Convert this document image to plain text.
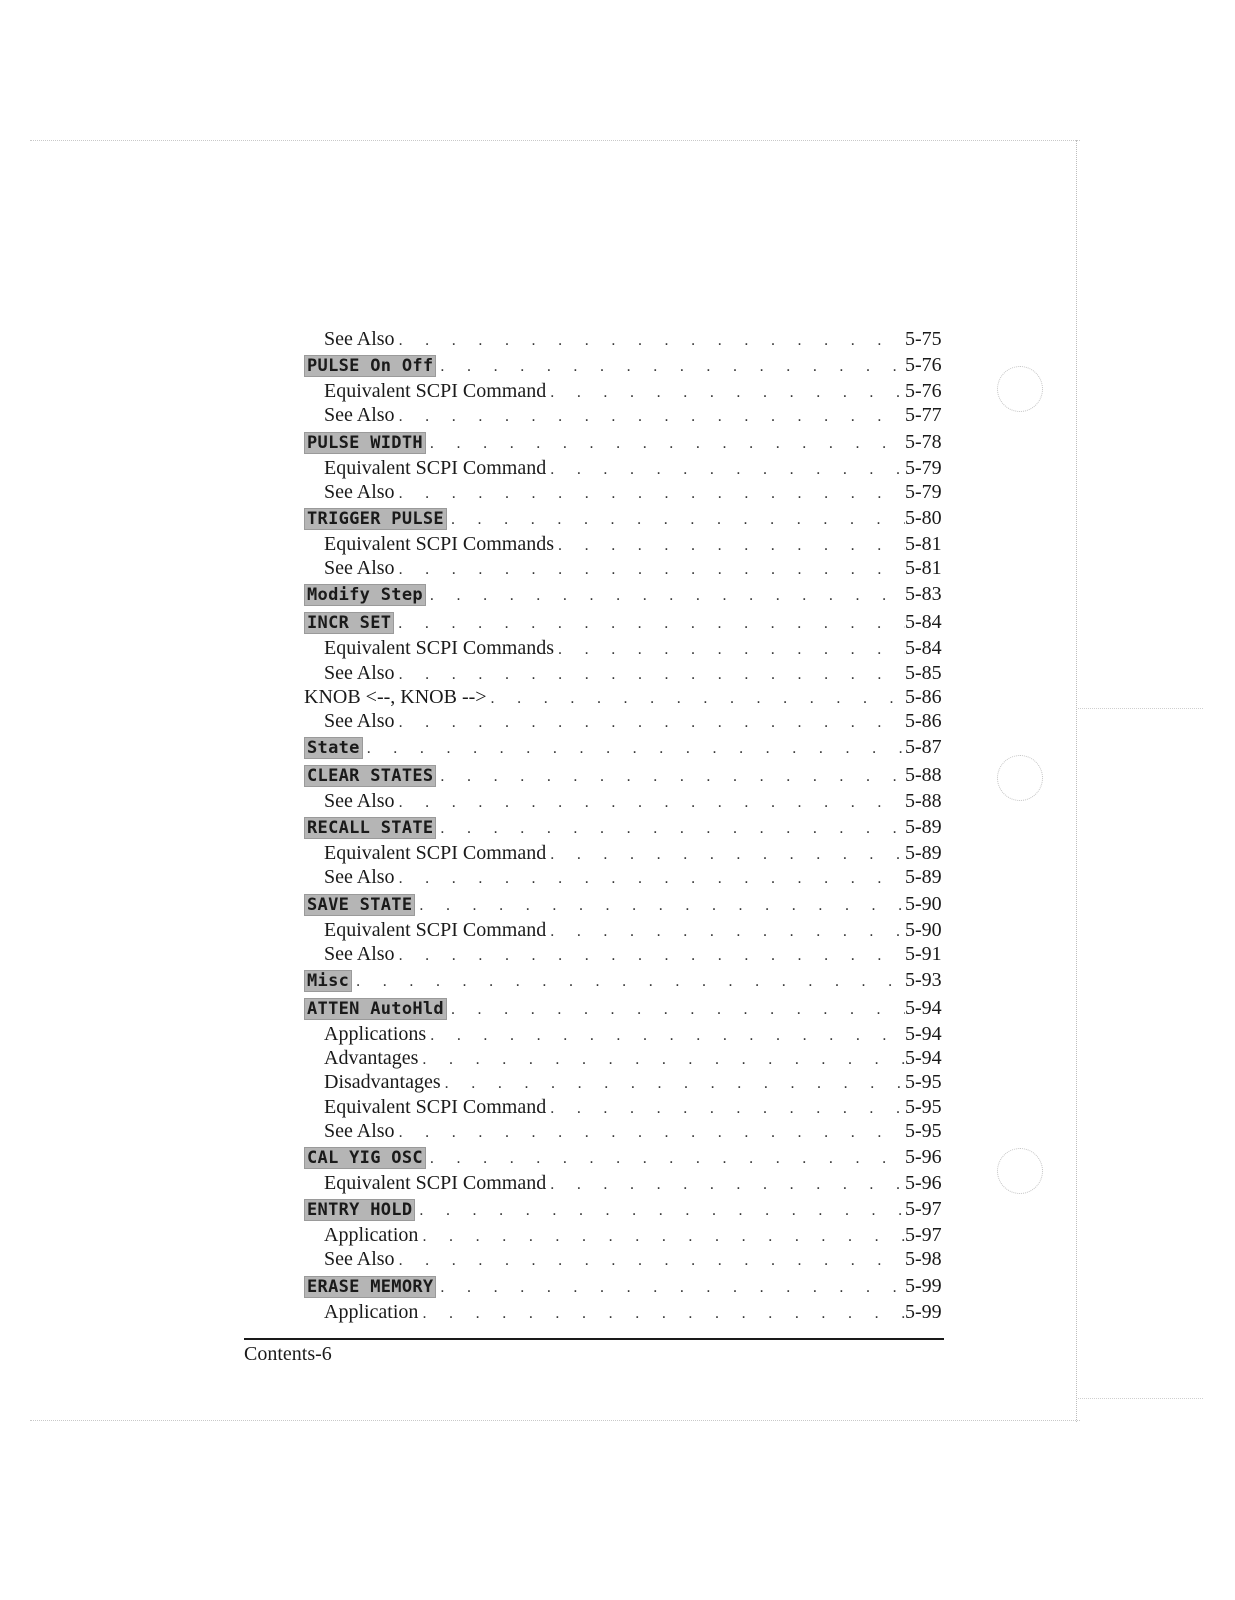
See Also . . .	5-75
PULSE On Off . . .	5-76
Equivalent SCPI Command . . .	5-76
See Also . . .	5-77
PULSE WIDTH . . .	5-78
Equivalent SCPI Command . . .	5-79
See Also . . .	5-79
TRIGGER PULSE . . .	5-80
Equivalent SCPI Commands . . .	5-81
See Also . . .	5-81
Modify Step . . .	5-83
INCR SET . . .	5-84
Equivalent SCPI Commands . . .	5-84
See Also . . .	5-85
KNOB <--, KNOB --> . . .	5-86
See Also . . .	5-86
State . . .	5-87
CLEAR STATES . . .	5-88
See Also . . .	5-88
RECALL STATE . . .	5-89
Equivalent SCPI Command . . .	5-89
See Also . . .	5-89
SAVE STATE . . .	5-90
Equivalent SCPI Command . . .	5-90
See Also . . .	5-91
Misc . . .	5-93
ATTEN AutoHld . . .	5-94
Applications . . .	5-94
Advantages . . .	5-94
Disadvantages . . .	5-95
Equivalent SCPI Command . . .	5-95
See Also . . .	5-95
CAL YIG OSC . . .	5-96
Equivalent SCPI Command . . .	5-96
ENTRY HOLD . . .	5-97
Application . . .	5-97
See Also . . .	5-98
ERASE MEMORY . . .	5-99
Application . . .	5-99
Contents-6
